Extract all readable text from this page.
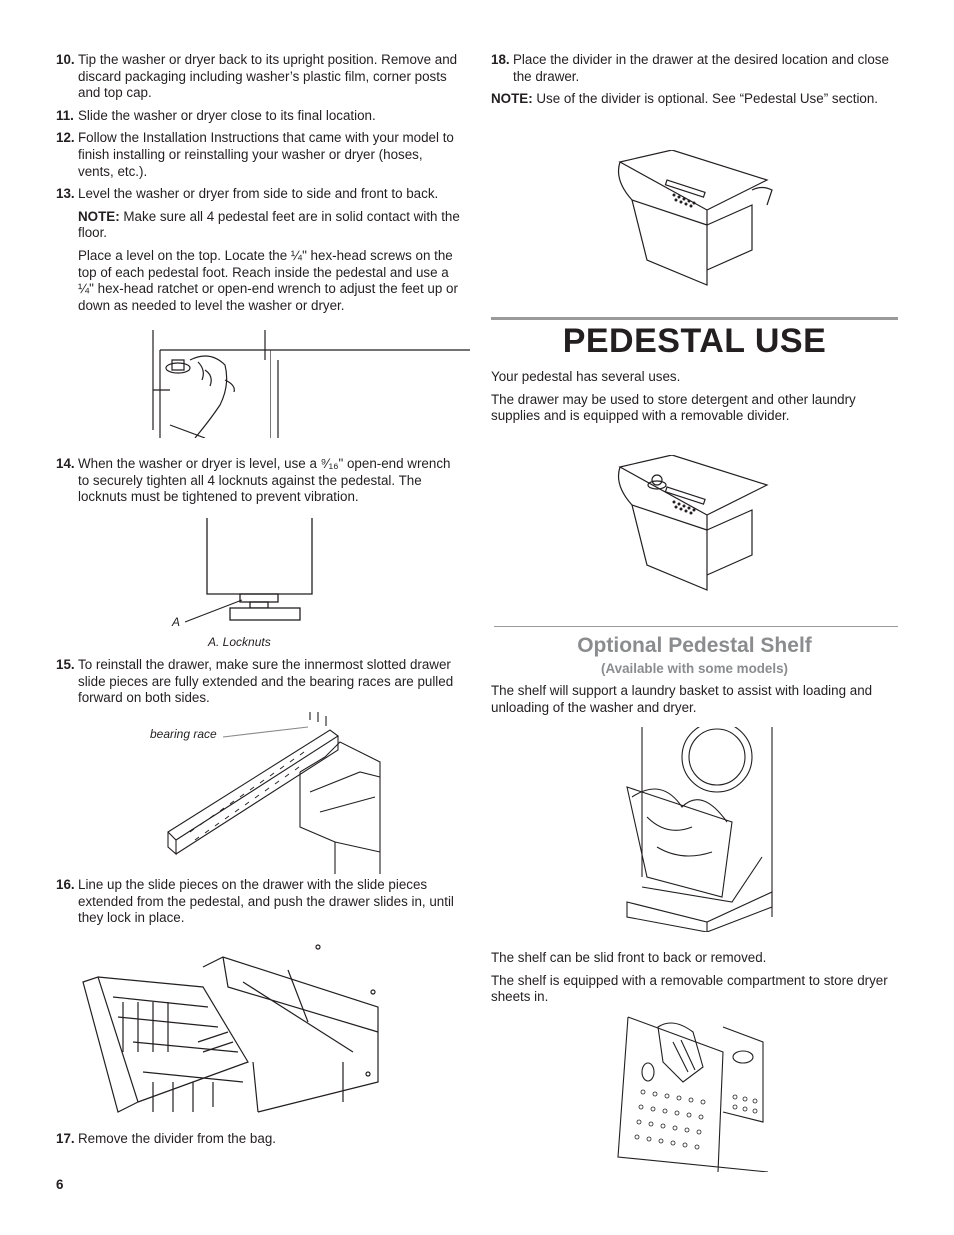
10. Tip the washer or dryer back to its upright position. Remove and discard packaging including washer’s plastic film, corner posts and top cap.
11. Slide the washer or dryer close to its final location.
12. Follow the Installation Instructions that came with your model to finish installing or reinstalling your washer or dryer (hoses, vents, etc.).
13. Level the washer or dryer from side to side and front to back.
NOTE: Make sure all 4 pedestal feet are in solid contact with the floor.
Place a level on the top. Locate the ¼" hex-head screws on the top of each pedestal foot. Reach inside the pedestal and use a ¼" hex-head ratchet or open-end wrench to adjust the feet up or down as needed to level the washer or dryer.
14. When the washer or dryer is level, use a ⁹⁄₁₆" open-end wrench to securely tighten all 4 locknuts against the pedestal. The locknuts must be tightened to prevent vibration.
A
A. Locknuts
15. To reinstall the drawer, make sure the innermost slotted drawer slide pieces are fully extended and the bearing races are pulled forward on both sides.
bearing race
16. Line up the slide pieces on the drawer with the slide pieces extended from the pedestal, and push the drawer slides in, until they lock in place.
17. Remove the divider from the bag.
6
18. Place the divider in the drawer at the desired location and close the drawer.

NOTE: Use of the divider is optional. See “Pedestal Use” section.

PEDESTAL USE

Your pedestal has several uses.

The drawer may be used to store detergent and other laundry supplies and is equipped with a removable divider.

Optional Pedestal Shelf
(Available with some models)

The shelf will support a laundry basket to assist with loading and unloading of the washer and dryer.

The shelf can be slid front to back or removed.

The shelf is equipped with a removable compartment to store dryer sheets in.
